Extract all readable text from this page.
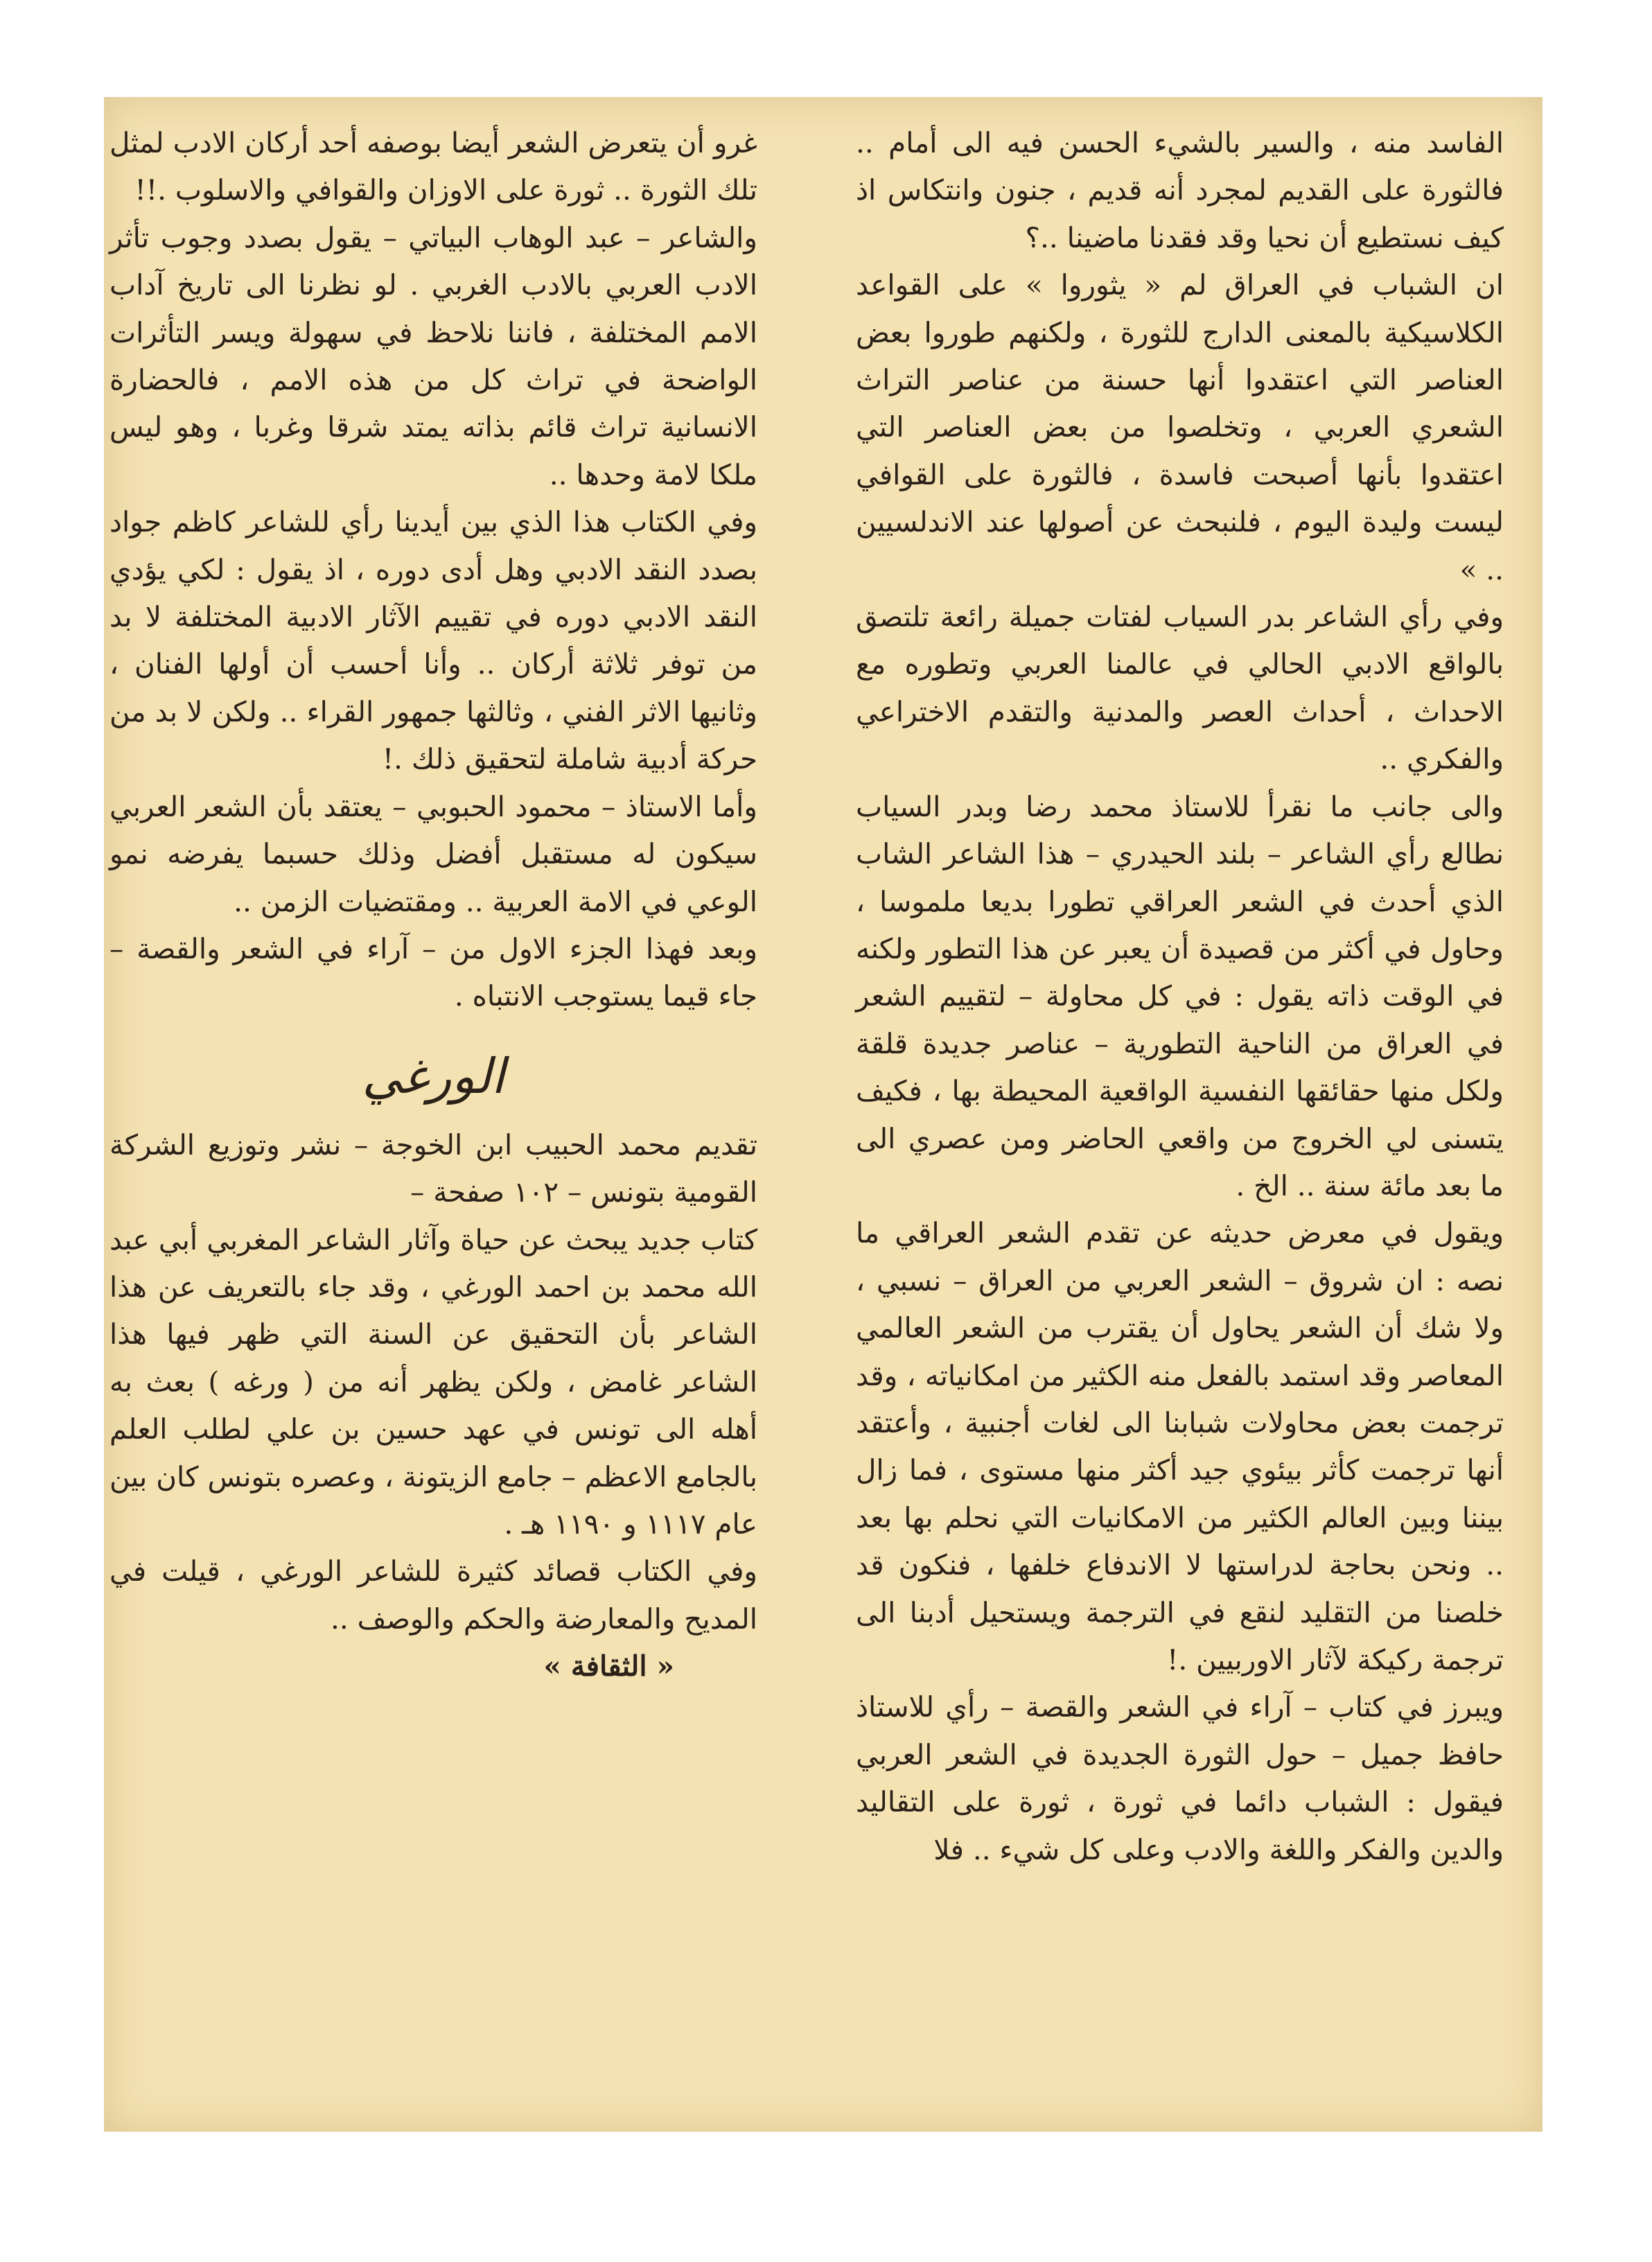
الفاسد منه ، والسير بالشيء الحسن فيه الى أمام .. فالثورة على القديم لمجرد أنه قديم ، جنون وانتكاس اذ كيف نستطيع أن نحيا وقد فقدنا ماضينا ..؟

ان الشباب في العراق لم « يثوروا » على القواعد الكلاسيكية بالمعنى الدارج للثورة ، ولكنهم طوروا بعض العناصر التي اعتقدوا أنها حسنة من عناصر التراث الشعري العربي ، وتخلصوا من بعض العناصر التي اعتقدوا بأنها أصبحت فاسدة ، فالثورة على القوافي ليست وليدة اليوم ، فلنبحث عن أصولها عند الاندلسيين .. »

وفي رأي الشاعر بدر السياب لفتات جميلة رائعة تلتصق بالواقع الادبي الحالي في عالمنا العربي وتطوره مع الاحداث ، أحداث العصر والمدنية والتقدم الاختراعي والفكري ..

والى جانب ما نقرأ للاستاذ محمد رضا وبدر السياب نطالع رأي الشاعر – بلند الحيدري – هذا الشاعر الشاب الذي أحدث في الشعر العراقي تطورا بديعا ملموسا ، وحاول في أكثر من قصيدة أن يعبر عن هذا التطور ولكنه في الوقت ذاته يقول : في كل محاولة – لتقييم الشعر في العراق من الناحية التطورية – عناصر جديدة قلقة ولكل منها حقائقها النفسية الواقعية المحيطة بها ، فكيف يتسنى لي الخروج من واقعي الحاضر ومن عصري الى ما بعد مائة سنة .. الخ .

ويقول في معرض حديثه عن تقدم الشعر العراقي ما نصه : ان شروق – الشعر العربي من العراق – نسبي ، ولا شك أن الشعر يحاول أن يقترب من الشعر العالمي المعاصر وقد استمد بالفعل منه الكثير من امكانياته ، وقد ترجمت بعض محاولات شبابنا الى لغات أجنبية ، وأعتقد أنها ترجمت كأثر بيئوي جيد أكثر منها مستوى ، فما زال بيننا وبين العالم الكثير من الامكانيات التي نحلم بها بعد .. ونحن بحاجة لدراستها لا الاندفاع خلفها ، فنكون قد خلصنا من التقليد لنقع في الترجمة ويستحيل أدبنا الى ترجمة ركيكة لآثار الاوربيين .!

ويبرز في كتاب – آراء في الشعر والقصة – رأي للاستاذ حافظ جميل – حول الثورة الجديدة في الشعر العربي فيقول : الشباب دائما في ثورة ، ثورة على التقاليد والدين والفكر واللغة والادب وعلى كل شيء .. فلا

غرو أن يتعرض الشعر أيضا بوصفه أحد أركان الادب لمثل تلك الثورة .. ثورة على الاوزان والقوافي والاسلوب .!!

والشاعر – عبد الوهاب البياتي – يقول بصدد وجوب تأثر الادب العربي بالادب الغربي . لو نظرنا الى تاريخ آداب الامم المختلفة ، فاننا نلاحظ في سهولة ويسر التأثرات الواضحة في تراث كل من هذه الامم ، فالحضارة الانسانية تراث قائم بذاته يمتد شرقا وغربا ، وهو ليس ملكا لامة وحدها ..

وفي الكتاب هذا الذي بين أيدينا رأي للشاعر كاظم جواد بصدد النقد الادبي وهل أدى دوره ، اذ يقول : لكي يؤدي النقد الادبي دوره في تقييم الآثار الادبية المختلفة لا بد من توفر ثلاثة أركان .. وأنا أحسب أن أولها الفنان ، وثانيها الاثر الفني ، وثالثها جمهور القراء .. ولكن لا بد من حركة أدبية شاملة لتحقيق ذلك .!

وأما الاستاذ – محمود الحبوبي – يعتقد بأن الشعر العربي سيكون له مستقبل أفضل وذلك حسبما يفرضه نمو الوعي في الامة العربية .. ومقتضيات الزمن ..

وبعد فهذا الجزء الاول من – آراء في الشعر والقصة – جاء قيما يستوجب الانتباه .

الورغي

تقديم محمد الحبيب ابن الخوجة – نشر وتوزيع الشركة القومية بتونس – ١٠٢ صفحة –

كتاب جديد يبحث عن حياة وآثار الشاعر المغربي أبي عبد الله محمد بن احمد الورغي ، وقد جاء بالتعريف عن هذا الشاعر بأن التحقيق عن السنة التي ظهر فيها هذا الشاعر غامض ، ولكن يظهر أنه من ( ورغه ) بعث به أهله الى تونس في عهد حسين بن علي لطلب العلم بالجامع الاعظم – جامع الزيتونة ، وعصره بتونس كان بين عام ١١١٧ و ١١٩٠ هـ .

وفي الكتاب قصائد كثيرة للشاعر الورغي ، قيلت في المديح والمعارضة والحكم والوصف ..

« الثقافة »
